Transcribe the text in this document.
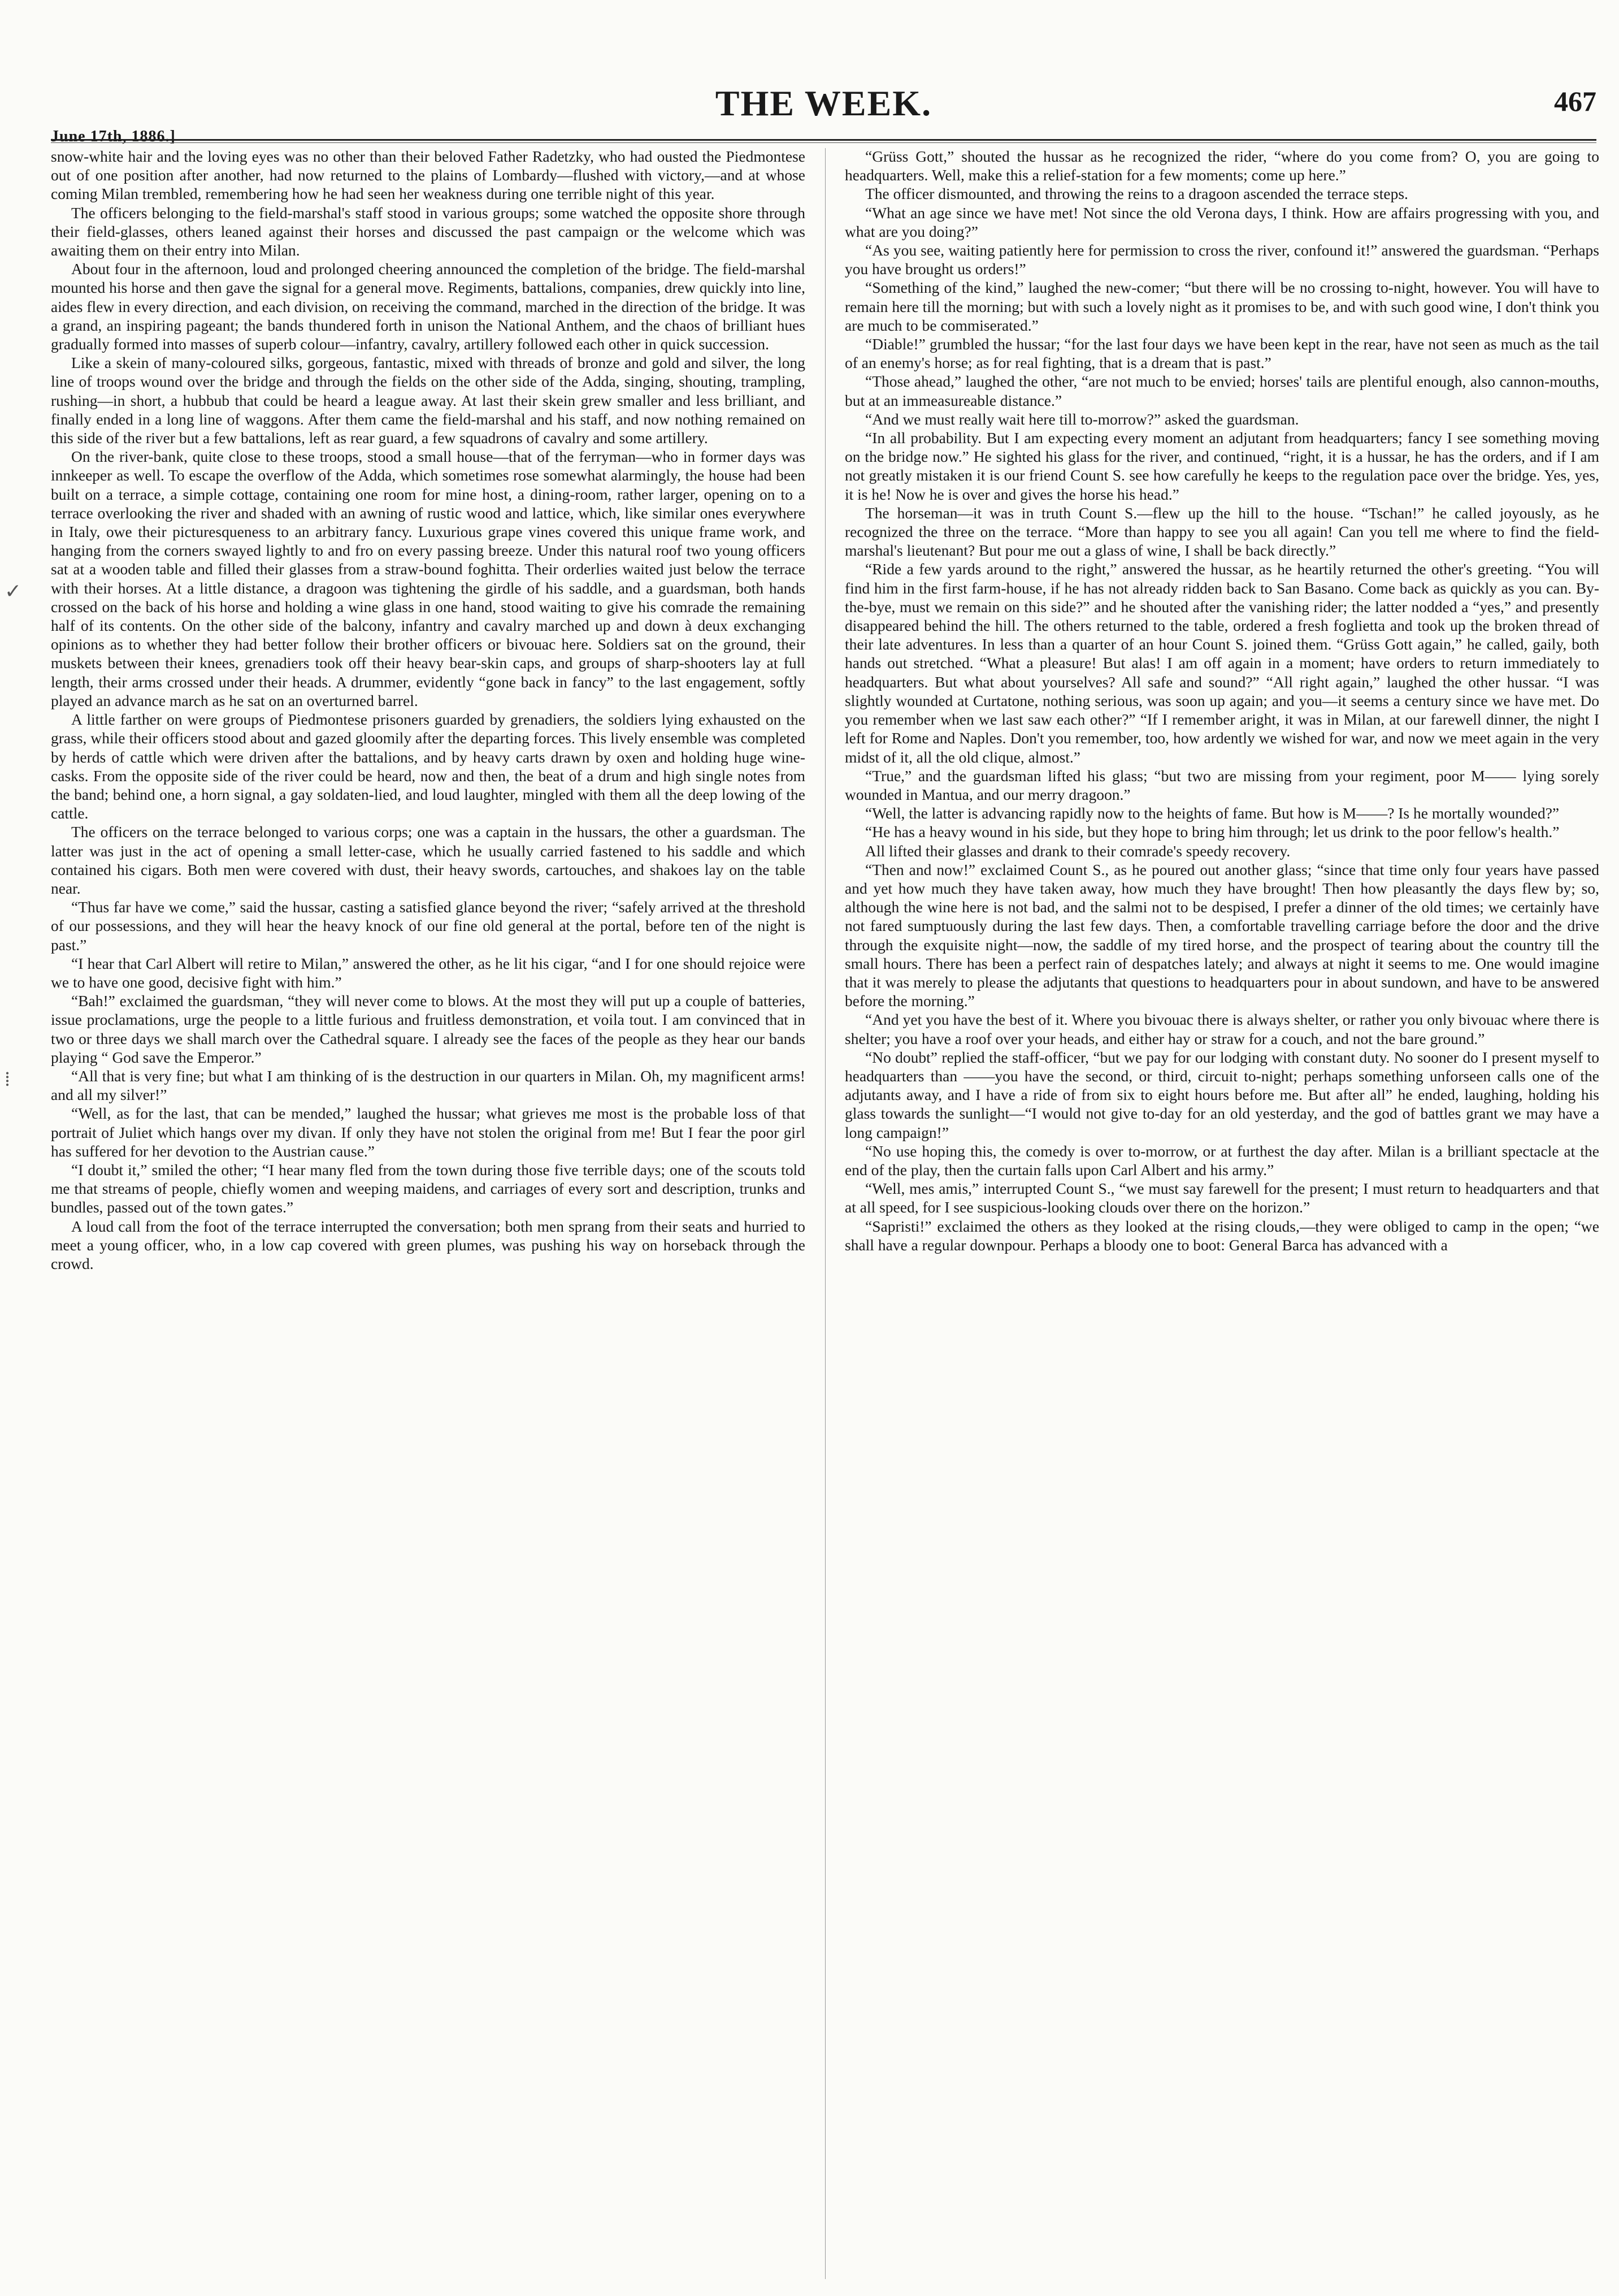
June 17th, 1886.]
THE WEEK.	467

snow-white hair and the loving eyes was no other than their beloved Father Radetzky, who had ousted the Piedmontese out of one position after another, had now returned to the plains of Lombardy—flushed with victory,—and at whose coming Milan trembled, remembering how he had seen her weakness during one terrible night of this year.

The officers belonging to the field-marshal's staff stood in various groups; some watched the opposite shore through their field-glasses, others leaned against their horses and discussed the past campaign or the welcome which was awaiting them on their entry into Milan.

About four in the afternoon, loud and prolonged cheering announced the completion of the bridge. The field-marshal mounted his horse and then gave the signal for a general move. Regiments, battalions, companies, drew quickly into line, aides flew in every direction, and each division, on receiving the command, marched in the direction of the bridge. It was a grand, an inspiring pageant; the bands thundered forth in unison the National Anthem, and the chaos of brilliant hues gradually formed into masses of superb colour—infantry, cavalry, artillery followed each other in quick succession.

Like a skein of many-coloured silks, gorgeous, fantastic, mixed with threads of bronze and gold and silver, the long line of troops wound over the bridge and through the fields on the other side of the Adda, singing, shouting, trampling, rushing—in short, a hubbub that could be heard a league away. At last their skein grew smaller and less brilliant, and finally ended in a long line of waggons. After them came the field-marshal and his staff, and now nothing remained on this side of the river but a few battalions, left as rear guard, a few squadrons of cavalry and some artillery.

On the river-bank, quite close to these troops, stood a small house—that of the ferryman—who in former days was innkeeper as well. To escape the overflow of the Adda, which sometimes rose somewhat alarmingly, the house had been built on a terrace, a simple cottage, containing one room for mine host, a dining-room, rather larger, opening on to a terrace overlooking the river and shaded with an awning of rustic wood and lattice, which, like similar ones everywhere in Italy, owe their picturesqueness to an arbitrary fancy. Luxurious grape vines covered this unique frame work, and hanging from the corners swayed lightly to and fro on every passing breeze. Under this natural roof two young officers sat at a wooden table and filled their glasses from a straw-bound foghitta. Their orderlies waited just below the terrace with their horses. At a little distance, a dragoon was tightening the girdle of his saddle, and a guardsman, both hands crossed on the back of his horse and holding a wine glass in one hand, stood waiting to give his comrade the remaining half of its contents. On the other side of the balcony, infantry and cavalry marched up and down à deux exchanging opinions as to whether they had better follow their brother officers or bivouac here. Soldiers sat on the ground, their muskets between their knees, grenadiers took off their heavy bear-skin caps, and groups of sharp-shooters lay at full length, their arms crossed under their heads. A drummer, evidently “gone back in fancy” to the last engagement, softly played an advance march as he sat on an overturned barrel.

A little farther on were groups of Piedmontese prisoners guarded by grenadiers, the soldiers lying exhausted on the grass, while their officers stood about and gazed gloomily after the departing forces. This lively ensemble was completed by herds of cattle which were driven after the battalions, and by heavy carts drawn by oxen and holding huge wine-casks. From the opposite side of the river could be heard, now and then, the beat of a drum and high single notes from the band; behind one, a horn signal, a gay soldaten-lied, and loud laughter, mingled with them all the deep lowing of the cattle.

The officers on the terrace belonged to various corps; one was a captain in the hussars, the other a guardsman. The latter was just in the act of opening a small letter-case, which he usually carried fastened to his saddle and which contained his cigars. Both men were covered with dust, their heavy swords, cartouches, and shakoes lay on the table near.

“Thus far have we come,” said the hussar, casting a satisfied glance beyond the river; “safely arrived at the threshold of our possessions, and they will hear the heavy knock of our fine old general at the portal, before ten of the night is past.”

“I hear that Carl Albert will retire to Milan,” answered the other, as he lit his cigar, “and I for one should rejoice were we to have one good, decisive fight with him.”

“Bah!” exclaimed the guardsman, “they will never come to blows. At the most they will put up a couple of batteries, issue proclamations, urge the people to a little furious and fruitless demonstration, et voila tout. I am convinced that in two or three days we shall march over the Cathedral square. I already see the faces of the people as they hear our bands playing “ God save the Emperor.”

“All that is very fine; but what I am thinking of is the destruction in our quarters in Milan. Oh, my magnificent arms! and all my silver!”

“Well, as for the last, that can be mended,” laughed the hussar; what grieves me most is the probable loss of that portrait of Juliet which hangs over my divan. If only they have not stolen the original from me! But I fear the poor girl has suffered for her devotion to the Austrian cause.”

“I doubt it,” smiled the other; “I hear many fled from the town during those five terrible days; one of the scouts told me that streams of people, chiefly women and weeping maidens, and carriages of every sort and description, trunks and bundles, passed out of the town gates.”

A loud call from the foot of the terrace interrupted the conversation; both men sprang from their seats and hurried to meet a young officer, who, in a low cap covered with green plumes, was pushing his way on horseback through the crowd.

“Grüss Gott,” shouted the hussar as he recognized the rider, “where do you come from? O, you are going to headquarters. Well, make this a relief-station for a few moments; come up here.”

The officer dismounted, and throwing the reins to a dragoon ascended the terrace steps.

“What an age since we have met! Not since the old Verona days, I think. How are affairs progressing with you, and what are you doing?”

“As you see, waiting patiently here for permission to cross the river, confound it!” answered the guardsman. “Perhaps you have brought us orders!”

“Something of the kind,” laughed the new-comer; “but there will be no crossing to-night, however. You will have to remain here till the morning; but with such a lovely night as it promises to be, and with such good wine, I don't think you are much to be commiserated.”

“Diable!” grumbled the hussar; “for the last four days we have been kept in the rear, have not seen as much as the tail of an enemy's horse; as for real fighting, that is a dream that is past.”

“Those ahead,” laughed the other, “are not much to be envied; horses' tails are plentiful enough, also cannon-mouths, but at an immeasureable distance.”

“And we must really wait here till to-morrow?” asked the guardsman.

“In all probability. But I am expecting every moment an adjutant from headquarters; fancy I see something moving on the bridge now.” He sighted his glass for the river, and continued, “right, it is a hussar, he has the orders, and if I am not greatly mistaken it is our friend Count S. see how carefully he keeps to the regulation pace over the bridge. Yes, yes, it is he! Now he is over and gives the horse his head.”

The horseman—it was in truth Count S.—flew up the hill to the house. “Tschan!” he called joyously, as he recognized the three on the terrace. “More than happy to see you all again! Can you tell me where to find the field-marshal's lieutenant? But pour me out a glass of wine, I shall be back directly.”

“Ride a few yards around to the right,” answered the hussar, as he heartily returned the other's greeting. “You will find him in the first farm-house, if he has not already ridden back to San Basano. Come back as quickly as you can. By-the-bye, must we remain on this side?” and he shouted after the vanishing rider; the latter nodded a “yes,” and presently disappeared behind the hill. The others returned to the table, ordered a fresh foglietta and took up the broken thread of their late adventures. In less than a quarter of an hour Count S. joined them. “Grüss Gott again,” he called, gaily, both hands out stretched. “What a pleasure! But alas! I am off again in a moment; have orders to return immediately to headquarters. But what about yourselves? All safe and sound?” “All right again,” laughed the other hussar. “I was slightly wounded at Curtatone, nothing serious, was soon up again; and you—it seems a century since we have met. Do you remember when we last saw each other?” “If I remember aright, it was in Milan, at our farewell dinner, the night I left for Rome and Naples. Don't you remember, too, how ardently we wished for war, and now we meet again in the very midst of it, all the old clique, almost.”

“True,” and the guardsman lifted his glass; “but two are missing from your regiment, poor M—— lying sorely wounded in Mantua, and our merry dragoon.”

“Well, the latter is advancing rapidly now to the heights of fame. But how is M——? Is he mortally wounded?”

“He has a heavy wound in his side, but they hope to bring him through; let us drink to the poor fellow's health.”

All lifted their glasses and drank to their comrade's speedy recovery.

“Then and now!” exclaimed Count S., as he poured out another glass; “since that time only four years have passed and yet how much they have taken away, how much they have brought! Then how pleasantly the days flew by; so, although the wine here is not bad, and the salmi not to be despised, I prefer a dinner of the old times; we certainly have not fared sumptuously during the last few days. Then, a comfortable travelling carriage before the door and the drive through the exquisite night—now, the saddle of my tired horse, and the prospect of tearing about the country till the small hours. There has been a perfect rain of despatches lately; and always at night it seems to me. One would imagine that it was merely to please the adjutants that questions to headquarters pour in about sundown, and have to be answered before the morning.”

“And yet you have the best of it. Where you bivouac there is always shelter, or rather you only bivouac where there is shelter; you have a roof over your heads, and either hay or straw for a couch, and not the bare ground.”

“No doubt” replied the staff-officer, “but we pay for our lodging with constant duty. No sooner do I present myself to headquarters than ——you have the second, or third, circuit to-night; perhaps something unforseen calls one of the adjutants away, and I have a ride of from six to eight hours before me. But after all” he ended, laughing, holding his glass towards the sunlight—“I would not give to-day for an old yesterday, and the god of battles grant we may have a long campaign!”

“No use hoping this, the comedy is over to-morrow, or at furthest the day after. Milan is a brilliant spectacle at the end of the play, then the curtain falls upon Carl Albert and his army.”

“Well, mes amis,” interrupted Count S., “we must say farewell for the present; I must return to headquarters and that at all speed, for I see suspicious-looking clouds over there on the horizon.”

“Sapristi!” exclaimed the others as they looked at the rising clouds,—they were obliged to camp in the open; “we shall have a regular downpour. Perhaps a bloody one to boot: General Barca has advanced with a

✓
⁞
